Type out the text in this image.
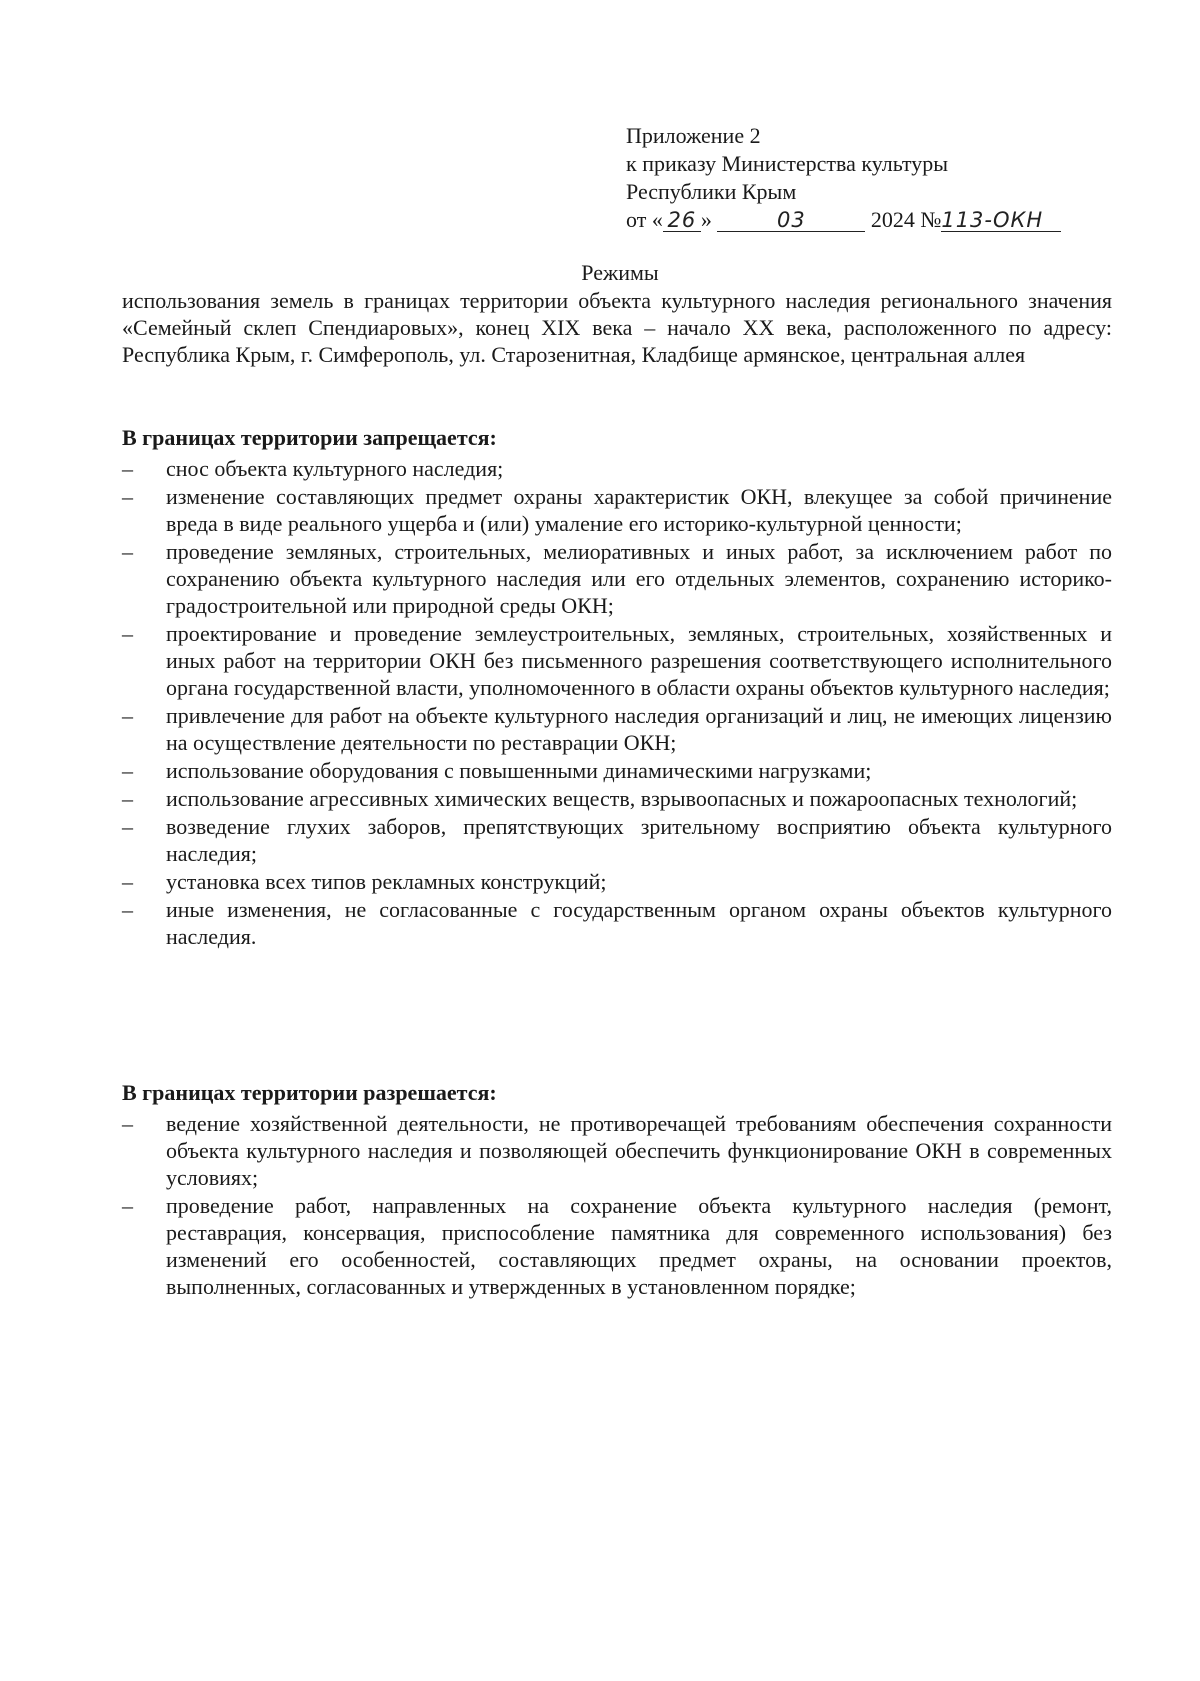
Приложение 2
к приказу Министерства культуры
Республики Крым
от « 26 »	03	2024 №113-ОКН
Режимы
использования земель в границах территории объекта культурного наследия регионального значения «Семейный склеп Спендиаровых», конец XIX века – начало XX века, расположенного по адресу: Республика Крым, г. Симферополь, ул. Старозенитная, Кладбище армянское, центральная аллея
В границах территории запрещается:
– снос объекта культурного наследия;
– изменение составляющих предмет охраны характеристик ОКН, влекущее за собой причинение вреда в виде реального ущерба и (или) умаление его историко-культурной ценности;
– проведение земляных, строительных, мелиоративных и иных работ, за исключением работ по сохранению объекта культурного наследия или его отдельных элементов, сохранению историко-градостроительной или природной среды ОКН;
– проектирование и проведение землеустроительных, земляных, строительных, хозяйственных и иных работ на территории ОКН без письменного разрешения соответствующего исполнительного органа государственной власти, уполномоченного в области охраны объектов культурного наследия;
– привлечение для работ на объекте культурного наследия организаций и лиц, не имеющих лицензию на осуществление деятельности по реставрации ОКН;
– использование оборудования с повышенными динамическими нагрузками;
– использование агрессивных химических веществ, взрывоопасных и пожароопасных технологий;
– возведение глухих заборов, препятствующих зрительному восприятию объекта культурного наследия;
– установка всех типов рекламных конструкций;
– иные изменения, не согласованные с государственным органом охраны объектов культурного наследия.
В границах территории разрешается:
– ведение хозяйственной деятельности, не противоречащей требованиям обеспечения сохранности объекта культурного наследия и позволяющей обеспечить функционирование ОКН в современных условиях;
– проведение работ, направленных на сохранение объекта культурного наследия (ремонт, реставрация, консервация, приспособление памятника для современного использования) без изменений его особенностей, составляющих предмет охраны, на основании проектов, выполненных, согласованных и утвержденных в установленном порядке;
